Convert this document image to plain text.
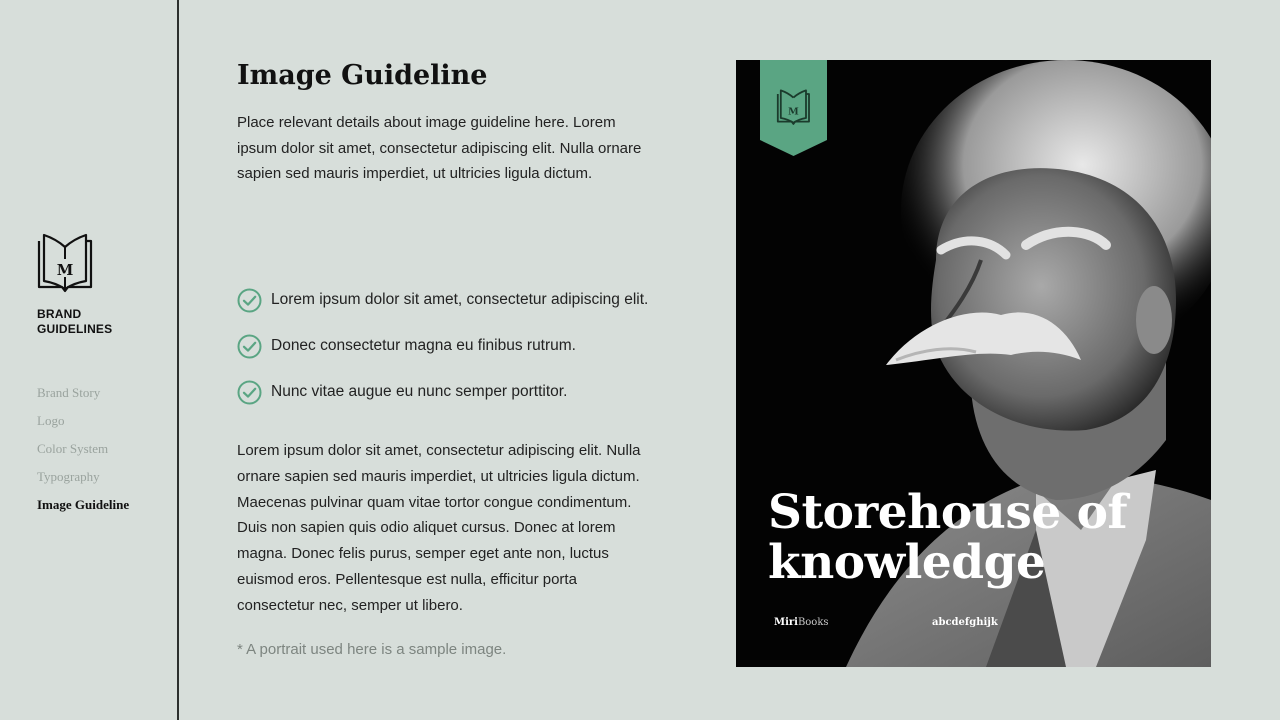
M
BRAND
GUIDELINES
Brand Story
Logo
Color System
Typography
Image Guideline
Image Guideline

Place relevant details about image guideline here. Lorem ipsum dolor sit amet, consectetur adipiscing elit. Nulla ornare sapien sed mauris imperdiet, ut ultricies ligula dictum.

Lorem ipsum dolor sit amet, consectetur adipiscing elit.
Donec consectetur magna eu finibus rutrum.
Nunc vitae augue eu nunc semper porttitor.

Lorem ipsum dolor sit amet, consectetur adipiscing elit. Nulla ornare sapien sed mauris imperdiet, ut ultricies ligula dictum. Maecenas pulvinar quam vitae tortor congue condimentum. Duis non sapien quis odio aliquet cursus. Donec at lorem magna. Donec felis purus, semper eget ante non, luctus euismod eros. Pellentesque est nulla, efficitur porta consectetur nec, semper ut libero.

* A portrait used here is a sample image.

M
Storehouse of
knowledge
MiriBooks	abcdefghijk
